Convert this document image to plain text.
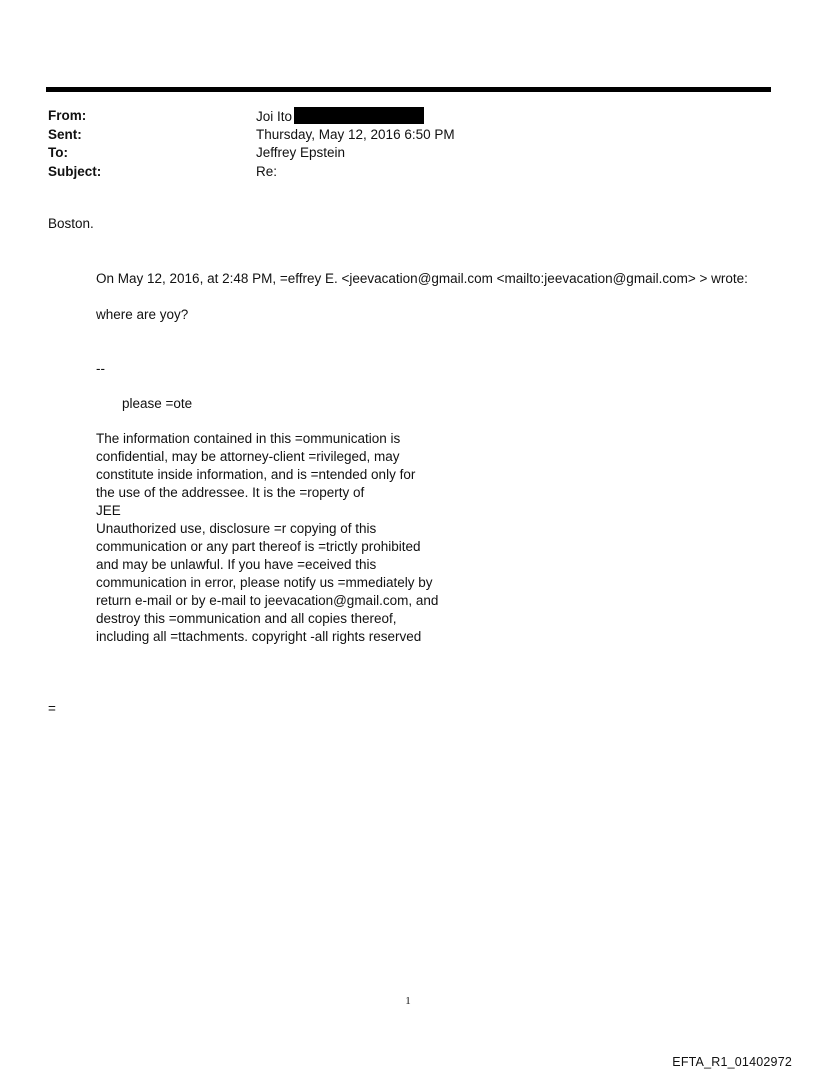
From:	Joi Ito
Sent:	Thursday, May 12, 2016 6:50 PM
To:	Jeffrey Epstein
Subject:	Re:
Boston.
On May 12, 2016, at 2:48 PM, =effrey E. <jeevacation@gmail.com <mailto:jeevacation@gmail.com> > wrote:
where are yoy?
--
please =ote
The information contained in this =ommunication is
confidential, may be attorney-client =rivileged, may
constitute inside information, and is =ntended only for
the use of the addressee. It is the =roperty of
JEE
Unauthorized use, disclosure =r copying of this
communication or any part thereof is =trictly prohibited
and may be unlawful. If you have =eceived this
communication in error, please notify us =mmediately by
return e-mail or by e-mail to jeevacation@gmail.com, and
destroy this =ommunication and all copies thereof,
including all =ttachments. copyright -all rights reserved
=
1
EFTA_R1_01402972
